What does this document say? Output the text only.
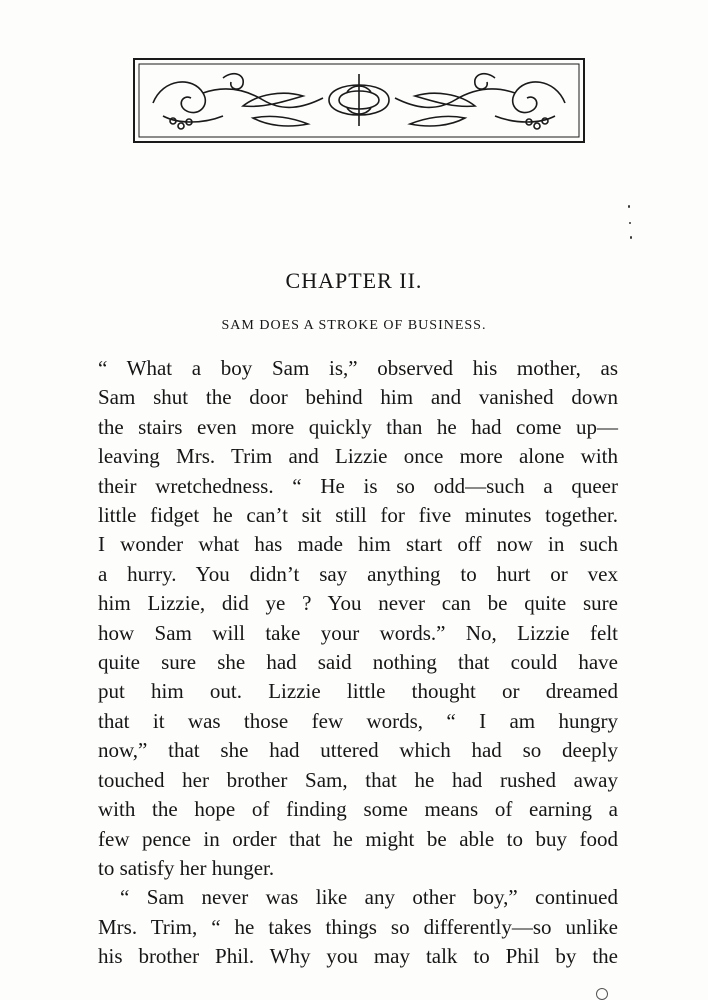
CHAPTER II.
SAM DOES A STROKE OF BUSINESS.
“ What a boy Sam is,” observed his mother, as
Sam shut the door behind him and vanished down
the stairs even more quickly than he had come up—
leaving Mrs. Trim and Lizzie once more alone with
their wretchedness. “ He is so odd—such a queer
little fidget he can’t sit still for five minutes together.
I wonder what has made him start off now in such
a hurry. You didn’t say anything to hurt or vex
him Lizzie, did ye ? You never can be quite sure
how Sam will take your words.” No, Lizzie felt
quite sure she had said nothing that could have
put him out. Lizzie little thought or dreamed
that it was those few words, “ I am hungry
now,” that she had uttered which had so deeply
touched her brother Sam, that he had rushed away
with the hope of finding some means of earning a
few pence in order that he might be able to buy food
to satisfy her hunger.
“ Sam never was like any other boy,” continued
Mrs. Trim, “ he takes things so differently—so unlike
his brother Phil. Why you may talk to Phil by the
